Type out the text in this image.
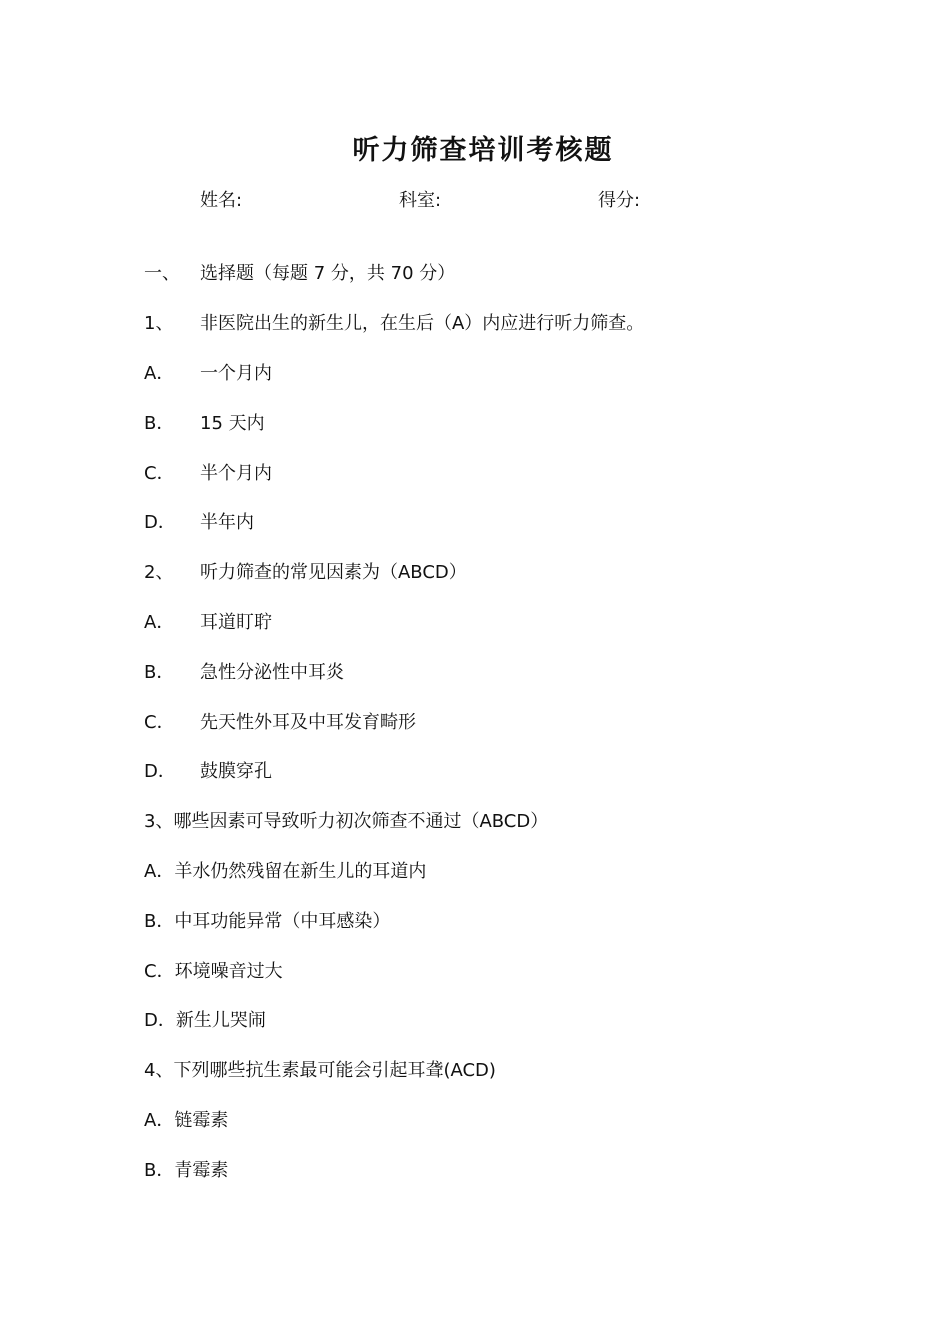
听力筛查培训考核题
姓名:	科室:	得分:
一、 选择题（每题 7 分，共 70 分）
1、 非医院出生的新生儿，在生后（A）内应进行听力筛查。
A． 一个月内
B． 15 天内
C． 半个月内
D． 半年内
2、 听力筛查的常见因素为（ABCD）
A． 耳道盯聍
B． 急性分泌性中耳炎
C． 先天性外耳及中耳发育畸形
D． 鼓膜穿孔
3、哪些因素可导致听力初次筛查不通过（ABCD）
A．羊水仍然残留在新生儿的耳道内
B．中耳功能异常（中耳感染）
C．环境噪音过大
D．新生儿哭闹
4、下列哪些抗生素最可能会引起耳聋(ACD)
A．链霉素
B．青霉素
